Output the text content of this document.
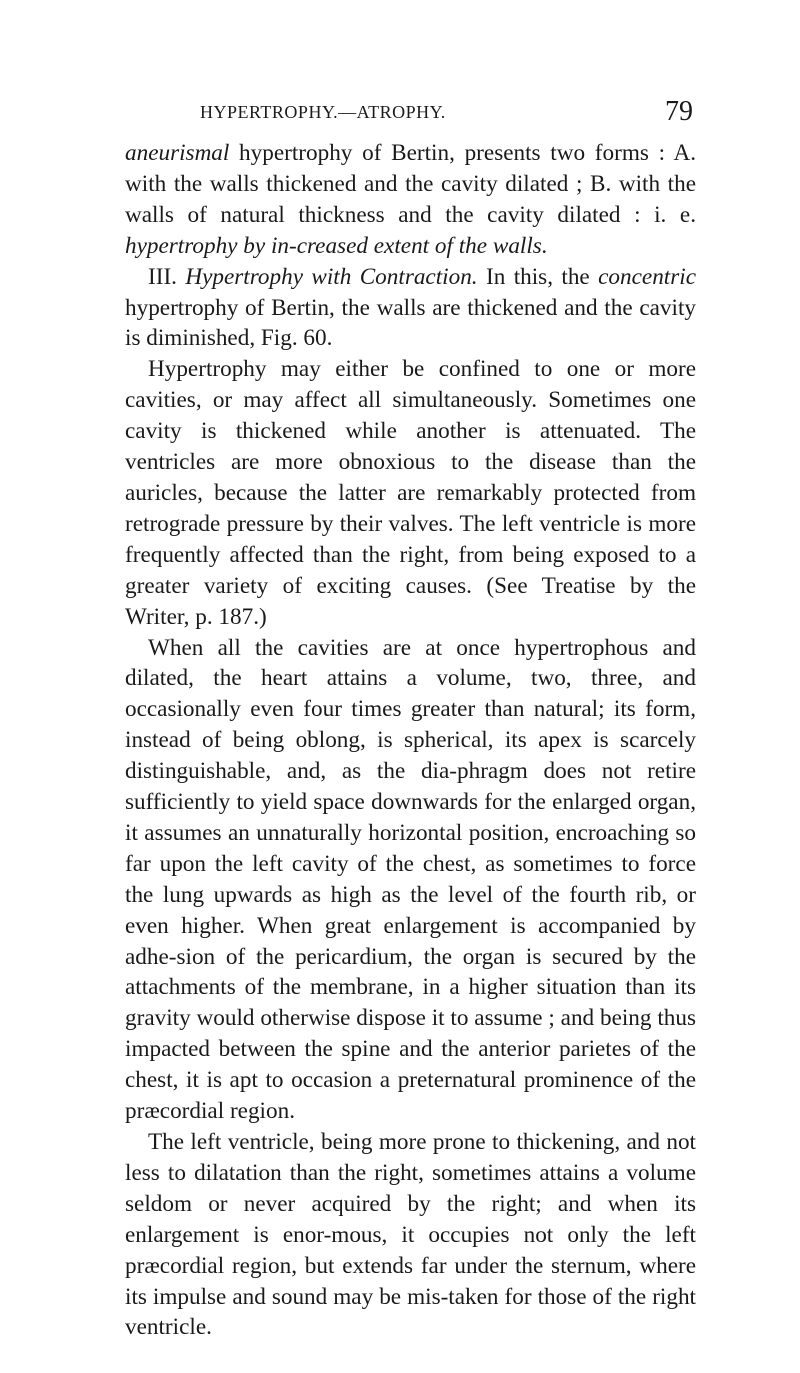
HYPERTROPHY.—ATROPHY.	79

aneurismal hypertrophy of Bertin, presents two forms : A. with the walls thickened and the cavity dilated ; B. with the walls of natural thickness and the cavity dilated : i. e. hypertrophy by in-creased extent of the walls.

III. Hypertrophy with Contraction. In this, the concentric hypertrophy of Bertin, the walls are thickened and the cavity is diminished, Fig. 60.

Hypertrophy may either be confined to one or more cavities, or may affect all simultaneously. Sometimes one cavity is thickened while another is attenuated. The ventricles are more obnoxious to the disease than the auricles, because the latter are remarkably protected from retrograde pressure by their valves. The left ventricle is more frequently affected than the right, from being exposed to a greater variety of exciting causes. (See Treatise by the Writer, p. 187.)

When all the cavities are at once hypertrophous and dilated, the heart attains a volume, two, three, and occasionally even four times greater than natural; its form, instead of being oblong, is spherical, its apex is scarcely distinguishable, and, as the dia-phragm does not retire sufficiently to yield space downwards for the enlarged organ, it assumes an unnaturally horizontal position, encroaching so far upon the left cavity of the chest, as sometimes to force the lung upwards as high as the level of the fourth rib, or even higher. When great enlargement is accompanied by adhe-sion of the pericardium, the organ is secured by the attachments of the membrane, in a higher situation than its gravity would otherwise dispose it to assume ; and being thus impacted between the spine and the anterior parietes of the chest, it is apt to occasion a preternatural prominence of the præcordial region.

The left ventricle, being more prone to thickening, and not less to dilatation than the right, sometimes attains a volume seldom or never acquired by the right; and when its enlargement is enor-mous, it occupies not only the left præcordial region, but extends far under the sternum, where its impulse and sound may be mis-taken for those of the right ventricle.
